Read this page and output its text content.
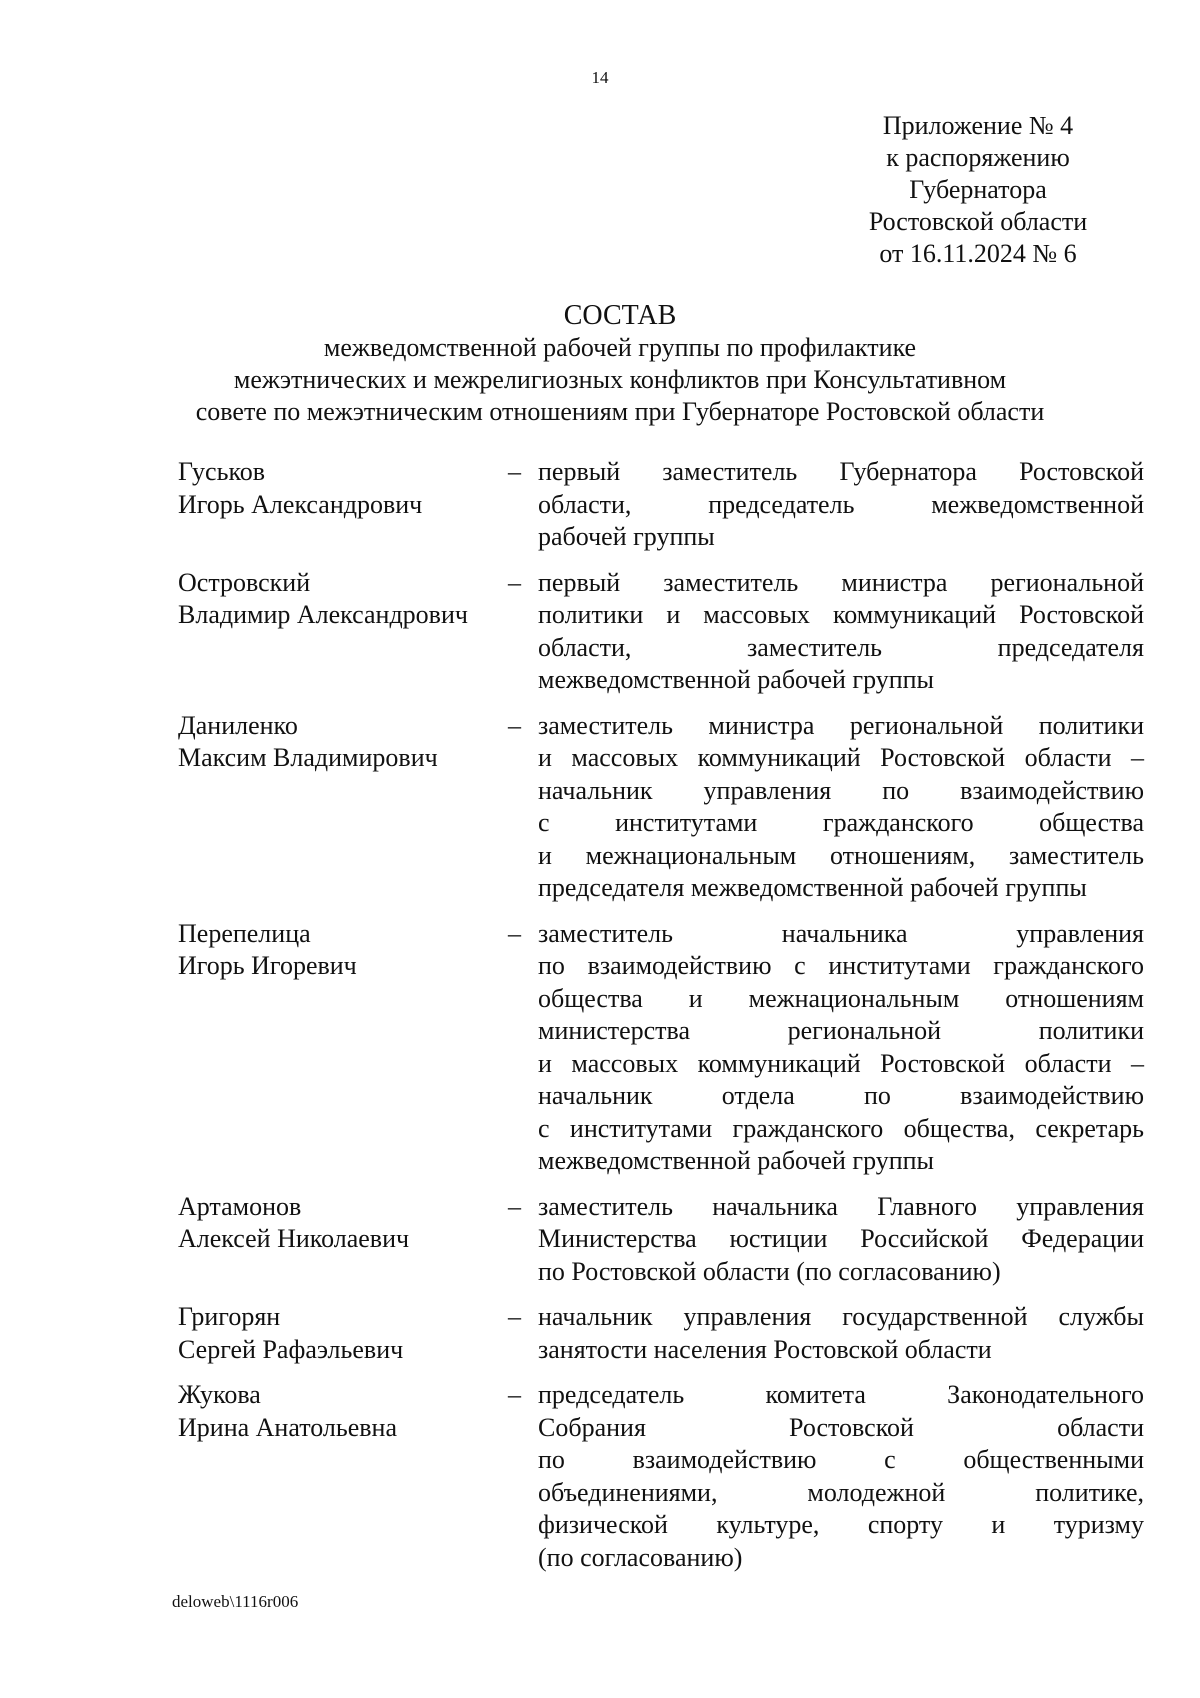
14
Приложение № 4
к распоряжению
Губернатора
Ростовской области
от 16.11.2024 № 6
СОСТАВ
межведомственной рабочей группы по профилактике
межэтнических и межрелигиозных конфликтов при Консультативном
совете по межэтническим отношениям при Губернаторе Ростовской области
Гуськов
Игорь Александрович
– первый заместитель Губернатора Ростовской
области, председатель межведомственной
рабочей группы
Островский
Владимир Александрович
– первый заместитель министра региональной
политики и массовых коммуникаций Ростовской
области, заместитель председателя
межведомственной рабочей группы
Даниленко
Максим Владимирович
– заместитель министра региональной политики
и массовых коммуникаций Ростовской области –
начальник управления по взаимодействию
с институтами гражданского общества
и межнациональным отношениям, заместитель
председателя межведомственной рабочей группы
Перепелица
Игорь Игоревич
– заместитель начальника управления
по взаимодействию с институтами гражданского
общества и межнациональным отношениям
министерства региональной политики
и массовых коммуникаций Ростовской области –
начальник отдела по взаимодействию
с институтами гражданского общества, секретарь
межведомственной рабочей группы
Артамонов
Алексей Николаевич
– заместитель начальника Главного управления
Министерства юстиции Российской Федерации
по Ростовской области (по согласованию)
Григорян
Сергей Рафаэльевич
– начальник управления государственной службы
занятости населения Ростовской области
Жукова
Ирина Анатольевна
– председатель комитета Законодательного
Собрания Ростовской области
по взаимодействию с общественными
объединениями, молодежной политике,
физической культуре, спорту и туризму
(по согласованию)
deloweb\1116r006
